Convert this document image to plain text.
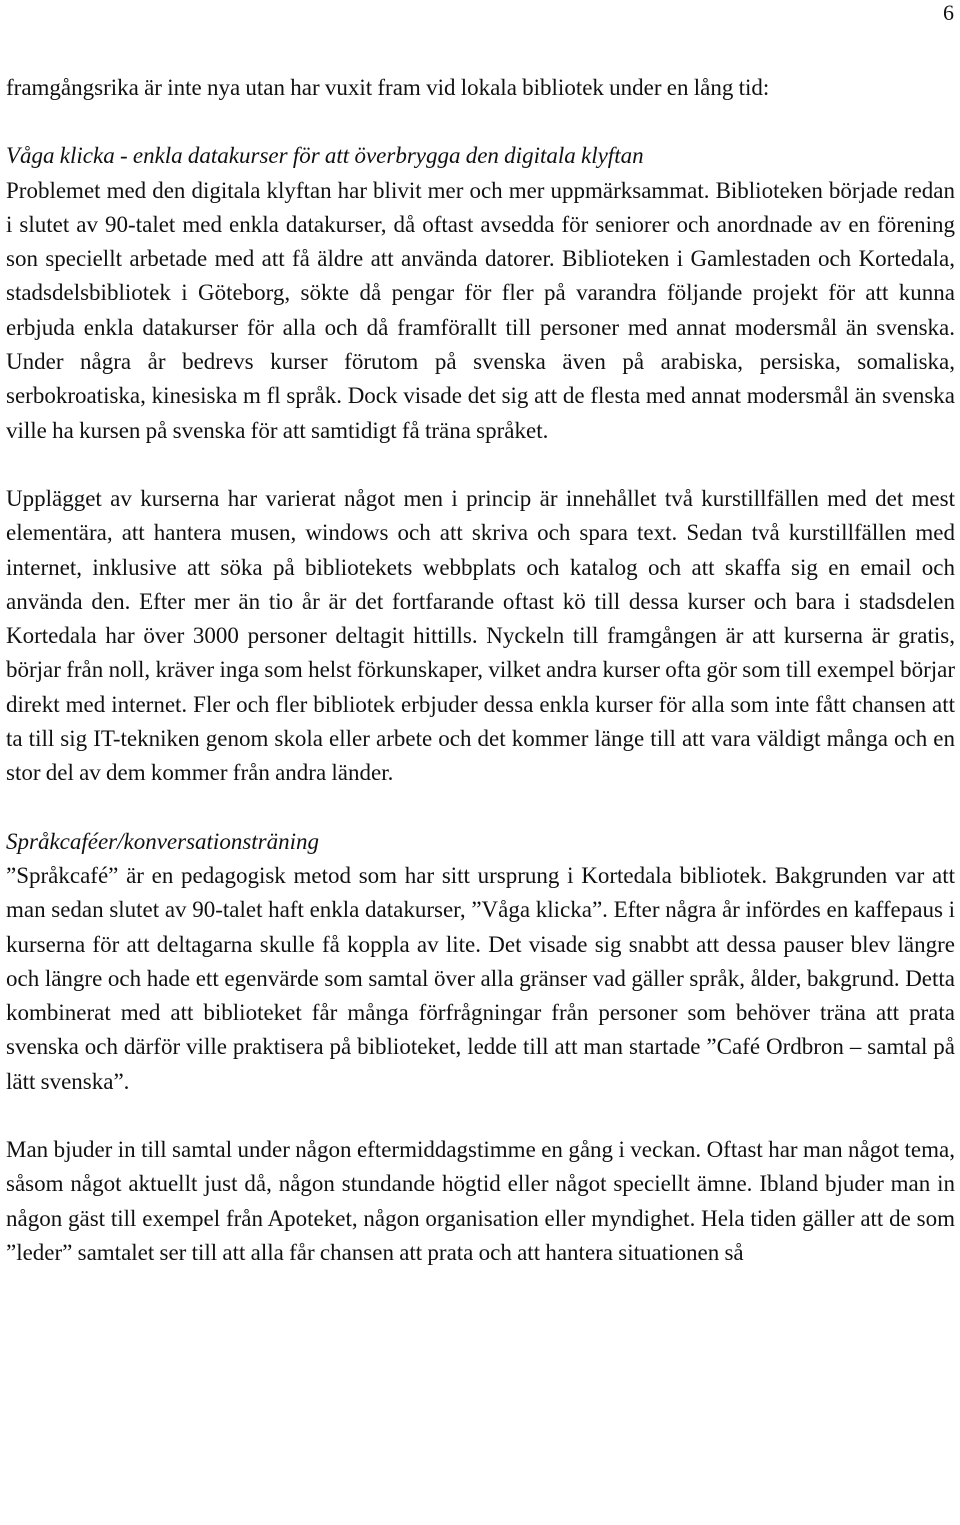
6

framgångsrika är inte nya utan har vuxit fram vid lokala bibliotek under en lång tid:

Våga klicka - enkla datakurser för att överbrygga den digitala klyftan

Problemet med den digitala klyftan har blivit mer och mer uppmärksammat. Biblioteken började redan i slutet av 90-talet med enkla datakurser, då oftast avsedda för seniorer och anordnade av en förening son speciellt arbetade med att få äldre att använda datorer. Biblioteken i Gamlestaden och Kortedala, stadsdelsbibliotek i Göteborg, sökte då pengar för fler på varandra följande projekt för att kunna erbjuda enkla datakurser för alla och då framförallt till personer med annat modersmål än svenska. Under några år bedrevs kurser förutom på svenska även på arabiska, persiska, somaliska, serbokroatiska, kinesiska m fl språk. Dock visade det sig att de flesta med annat modersmål än svenska ville ha kursen på svenska för att samtidigt få träna språket.

Upplägget av kurserna har varierat något men i princip är innehållet två kurstillfällen med det mest elementära, att hantera musen, windows och att skriva och spara text. Sedan två kurstillfällen med internet, inklusive att söka på bibliotekets webbplats och katalog och att skaffa sig en email och använda den. Efter mer än tio år är det fortfarande oftast kö till dessa kurser och bara i stadsdelen Kortedala har över 3000 personer deltagit hittills. Nyckeln till framgången är att kurserna är gratis, börjar från noll, kräver inga som helst förkunskaper, vilket andra kurser ofta gör som till exempel börjar direkt med internet. Fler och fler bibliotek erbjuder dessa enkla kurser för alla som inte fått chansen att ta till sig IT-tekniken genom skola eller arbete och det kommer länge till att vara väldigt många och en stor del av dem kommer från andra länder.

Språkcaféer/konversationsträning

”Språkcafé” är en pedagogisk metod som har sitt ursprung i Kortedala bibliotek. Bakgrunden var att man sedan slutet av 90-talet haft enkla datakurser, ”Våga klicka”. Efter några år infördes en kaffepaus i kurserna för att deltagarna skulle få koppla av lite. Det visade sig snabbt att dessa pauser blev längre och längre och hade ett egenvärde som samtal över alla gränser vad gäller språk, ålder, bakgrund. Detta kombinerat med att biblioteket får många förfrågningar från personer som behöver träna att prata svenska och därför ville praktisera på biblioteket, ledde till att man startade ”Café Ordbron – samtal på lätt svenska”.

Man bjuder in till samtal under någon eftermiddagstimme en gång i veckan. Oftast har man något tema, såsom något aktuellt just då, någon stundande högtid eller något speciellt ämne. Ibland bjuder man in någon gäst till exempel från Apoteket, någon organisation eller myndighet. Hela tiden gäller att de som ”leder” samtalet ser till att alla får chansen att prata och att hantera situationen så
